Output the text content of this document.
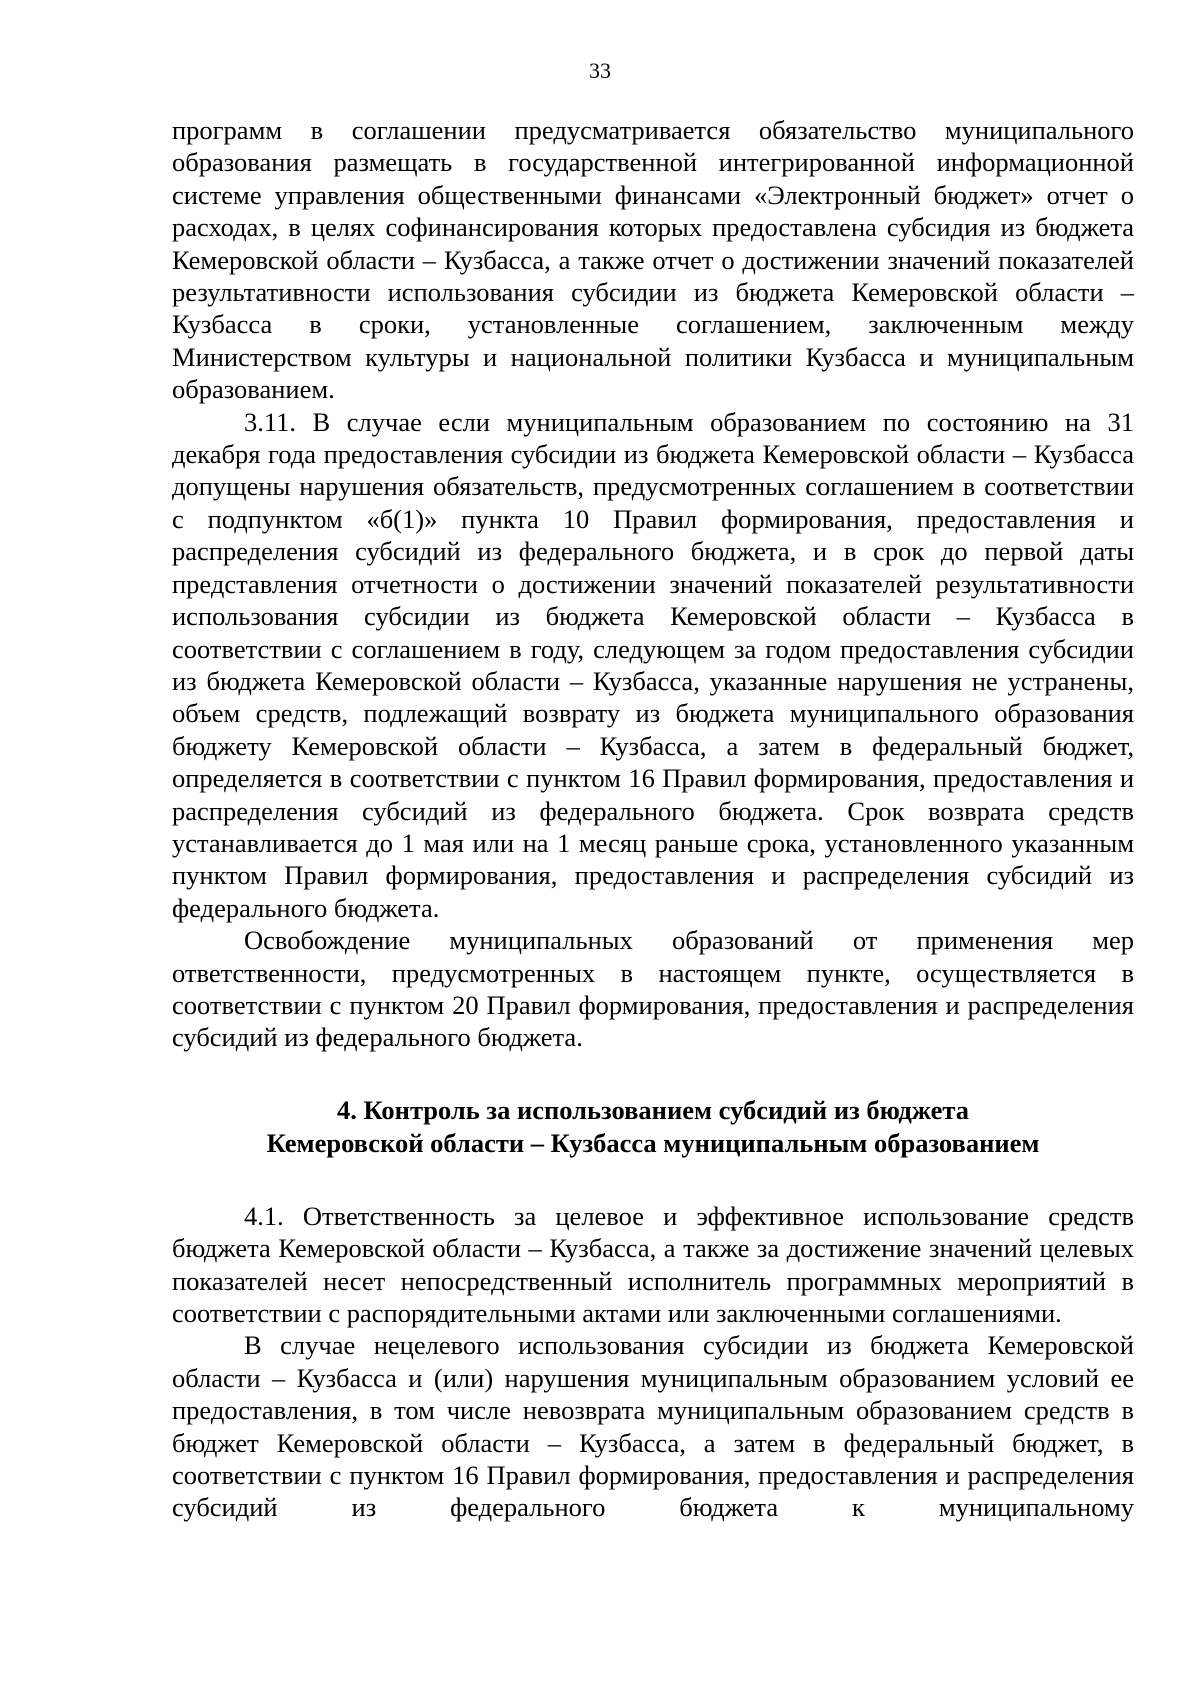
33

программ в соглашении предусматривается обязательство муниципального образования размещать в государственной интегрированной информационной системе управления общественными финансами «Электронный бюджет» отчет о расходах, в целях софинансирования которых предоставлена субсидия из бюджета Кемеровской области – Кузбасса, а также отчет о достижении значений показателей результативности использования субсидии из бюджета Кемеровской области – Кузбасса в сроки, установленные соглашением, заключенным между Министерством культуры и национальной политики Кузбасса и муниципальным образованием.

3.11. В случае если муниципальным образованием по состоянию на 31 декабря года предоставления субсидии из бюджета Кемеровской области – Кузбасса допущены нарушения обязательств, предусмотренных соглашением в соответствии с подпунктом «б(1)» пункта 10 Правил формирования, предоставления и распределения субсидий из федерального бюджета, и в срок до первой даты представления отчетности о достижении значений показателей результативности использования субсидии из бюджета Кемеровской области – Кузбасса в соответствии с соглашением в году, следующем за годом предоставления субсидии из бюджета Кемеровской области – Кузбасса, указанные нарушения не устранены, объем средств, подлежащий возврату из бюджета муниципального образования бюджету Кемеровской области – Кузбасса, а затем в федеральный бюджет, определяется в соответствии с пунктом 16 Правил формирования, предоставления и распределения субсидий из федерального бюджета. Срок возврата средств устанавливается до 1 мая или на 1 месяц раньше срока, установленного указанным пунктом Правил формирования, предоставления и распределения субсидий из федерального бюджета.

Освобождение муниципальных образований от применения мер ответственности, предусмотренных в настоящем пункте, осуществляется в соответствии с пунктом 20 Правил формирования, предоставления и распределения субсидий из федерального бюджета.

4. Контроль за использованием субсидий из бюджета
Кемеровской области – Кузбасса муниципальным образованием

4.1. Ответственность за целевое и эффективное использование средств бюджета Кемеровской области – Кузбасса, а также за достижение значений целевых показателей несет непосредственный исполнитель программных мероприятий в соответствии с распорядительными актами или заключенными соглашениями.

В случае нецелевого использования субсидии из бюджета Кемеровской области – Кузбасса и (или) нарушения муниципальным образованием условий ее предоставления, в том числе невозврата муниципальным образованием средств в бюджет Кемеровской области – Кузбасса, а затем в федеральный бюджет, в соответствии с пунктом 16 Правил формирования, предоставления и распределения субсидий из федерального бюджета к муниципальному
